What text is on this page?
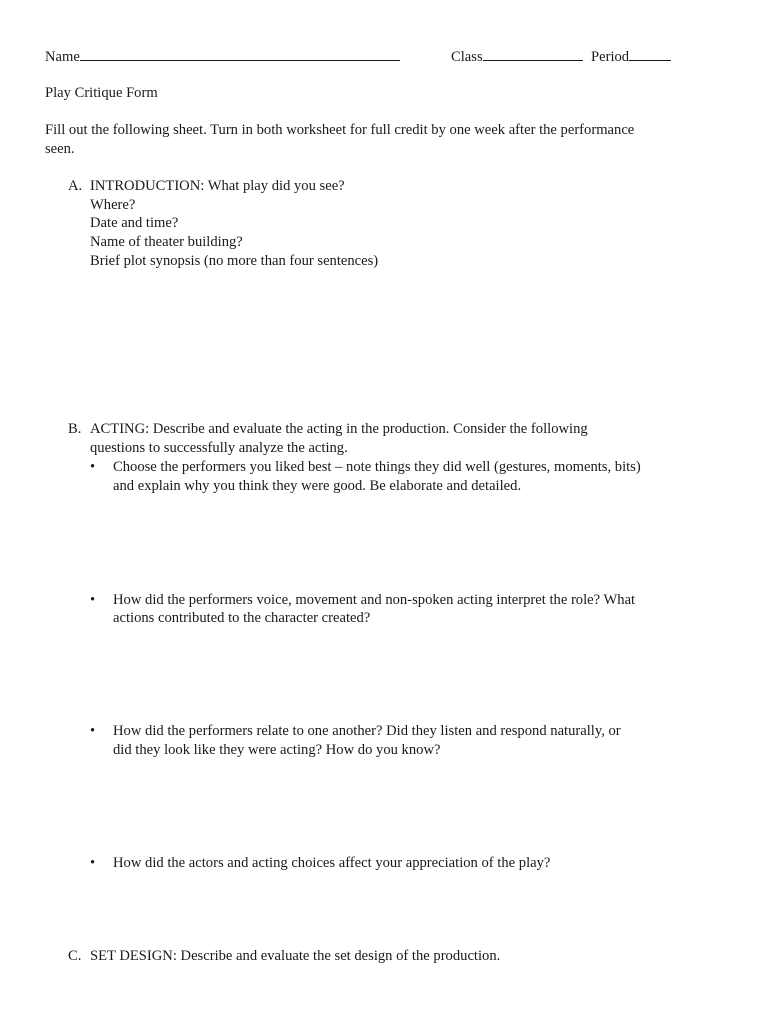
Name	Class	Period
Play Critique Form
Fill out the following sheet. Turn in both worksheet for full credit by one week after the performance
seen.
A. INTRODUCTION: What play did you see?
Where?
Date and time?
Name of theater building?
Brief plot synopsis (no more than four sentences)
B. ACTING: Describe and evaluate the acting in the production. Consider the following
questions to successfully analyze the acting.
• Choose the performers you liked best – note things they did well (gestures, moments, bits)
and explain why you think they were good. Be elaborate and detailed.
• How did the performers voice, movement and non-spoken acting interpret the role? What
actions contributed to the character created?
• How did the performers relate to one another? Did they listen and respond naturally, or
did they look like they were acting? How do you know?
• How did the actors and acting choices affect your appreciation of the play?
C. SET DESIGN: Describe and evaluate the set design of the production.
